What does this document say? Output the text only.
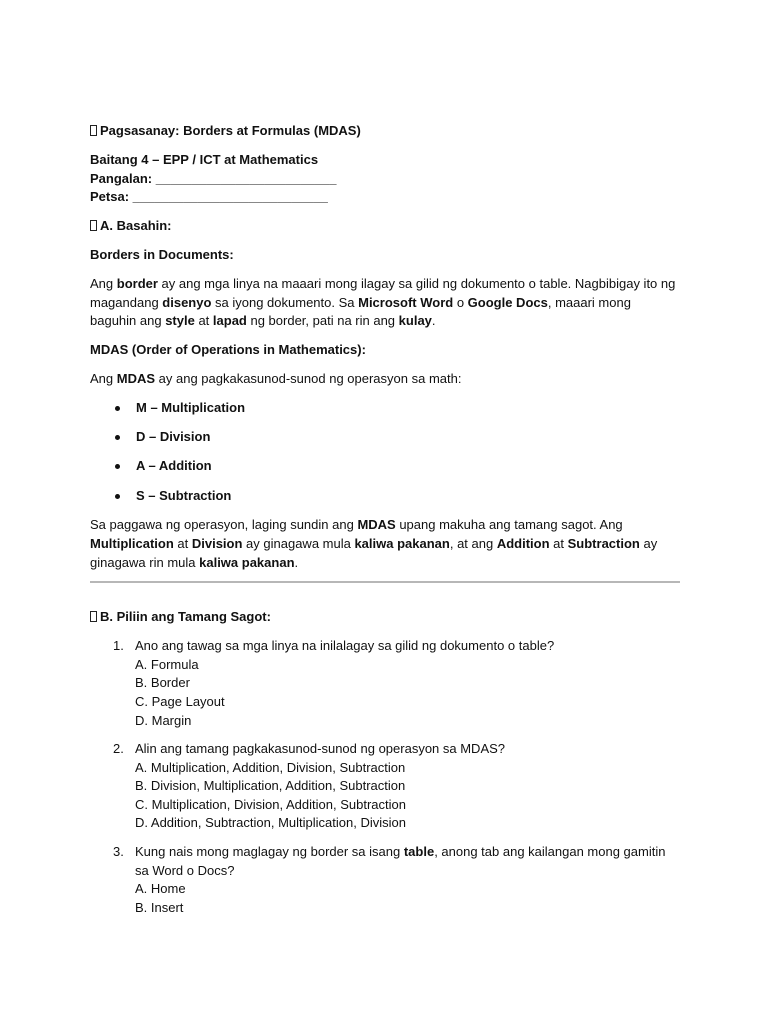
Pagsasanay: Borders at Formulas (MDAS)

Baitang 4 – EPP / ICT at Mathematics

Pangalan: _________________________

Petsa: ___________________________

A. Basahin:

Borders in Documents:

Ang border ay ang mga linya na maaari mong ilagay sa gilid ng dokumento o table. Nagbibigay ito ng magandang disenyo sa iyong dokumento. Sa Microsoft Word o Google Docs, maaari mong baguhin ang style at lapad ng border, pati na rin ang kulay.

MDAS (Order of Operations in Mathematics):

Ang MDAS ay ang pagkakasunod-sunod ng operasyon sa math:

M – Multiplication
D – Division
A – Addition
S – Subtraction

Sa paggawa ng operasyon, laging sundin ang MDAS upang makuha ang tamang sagot. Ang Multiplication at Division ay ginagawa mula kaliwa pakanan, at ang Addition at Subtraction ay ginagawa rin mula kaliwa pakanan.

B. Piliin ang Tamang Sagot:

1. Ano ang tawag sa mga linya na inilalagay sa gilid ng dokumento o table?
A. Formula
B. Border
C. Page Layout
D. Margin
2. Alin ang tamang pagkakasunod-sunod ng operasyon sa MDAS?
A. Multiplication, Addition, Division, Subtraction
B. Division, Multiplication, Addition, Subtraction
C. Multiplication, Division, Addition, Subtraction
D. Addition, Subtraction, Multiplication, Division
3. Kung nais mong maglagay ng border sa isang table, anong tab ang kailangan mong gamitin sa Word o Docs?
A. Home
B. Insert
